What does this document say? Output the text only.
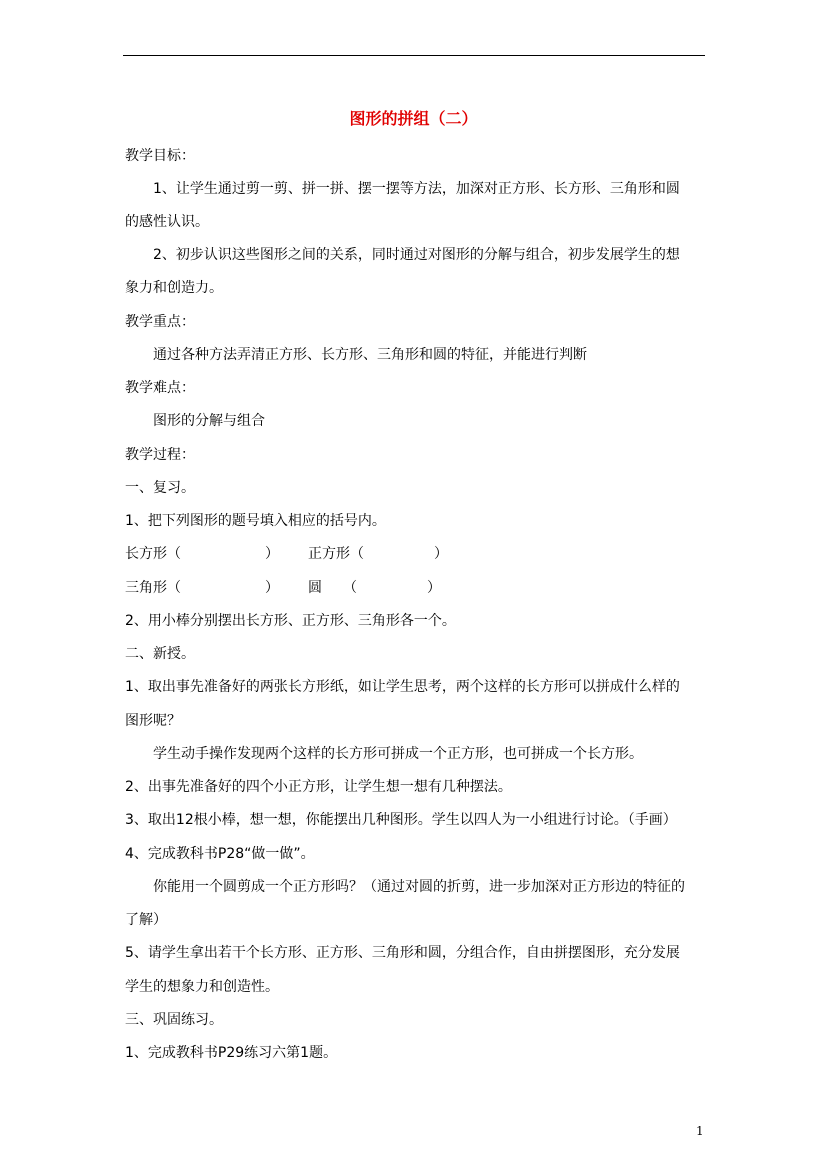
图形的拼组（二）
教学目标：
1、让学生通过剪一剪、拼一拼、摆一摆等方法，加深对正方形、长方形、三角形和圆
的感性认识。
2、初步认识这些图形之间的关系，同时通过对图形的分解与组合，初步发展学生的想
象力和创造力。
教学重点：
通过各种方法弄清正方形、长方形、三角形和圆的特征，并能进行判断
教学难点：
图形的分解与组合
教学过程：
一、复习。
1、把下列图形的题号填入相应的括号内。
长方形（　　　　　　） 正方形（　　　　　）
三角形（　　　　　　） 圆　　（　　　　　）
2、用小棒分别摆出长方形、正方形、三角形各一个。
二、新授。
1、取出事先准备好的两张长方形纸，如让学生思考，两个这样的长方形可以拼成什么样的
图形呢？
学生动手操作发现两个这样的长方形可拼成一个正方形，也可拼成一个长方形。
2、出事先准备好的四个小正方形，让学生想一想有几种摆法。
3、取出12根小棒，想一想，你能摆出几种图形。学生以四人为一小组进行讨论。（手画）
4、完成教科书P28“做一做”。
你能用一个圆剪成一个正方形吗？（通过对圆的折剪，进一步加深对正方形边的特征的
了解）
5、请学生拿出若干个长方形、正方形、三角形和圆，分组合作，自由拼摆图形，充分发展
学生的想象力和创造性。
三、巩固练习。
1、完成教科书P29练习六第1题。
1
